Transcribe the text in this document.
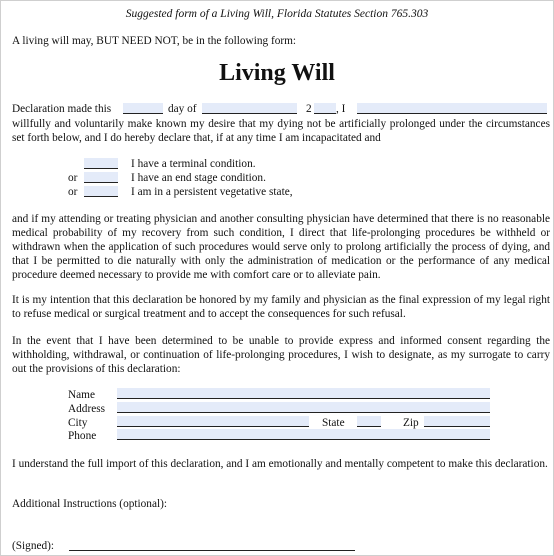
Suggested form of a Living Will, Florida Statutes Section 765.303
A living will may, BUT NEED NOT, be in the following form:
Living Will
Declaration made this	day of	2 , I
willfully and voluntarily make known my desire that my dying not be artificially prolonged under the circumstances set forth below, and I do hereby declare that, if at any time I am incapacitated and
I have a terminal condition.
or	I have an end stage condition.
or	I am in a persistent vegetative state,
and if my attending or treating physician and another consulting physician have determined that there is no reasonable medical probability of my recovery from such condition, I direct that life-prolonging procedures be withheld or withdrawn when the application of such procedures would serve only to prolong artificially the process of dying, and that I be permitted to die naturally with only the administration of medication or the performance of any medical procedure deemed necessary to provide me with comfort care or to alleviate pain.
It is my intention that this declaration be honored by my family and physician as the final expression of my legal right to refuse medical or surgical treatment and to accept the consequences for such refusal.
In the event that I have been determined to be unable to provide express and informed consent regarding the withholding, withdrawal, or continuation of life-prolonging procedures, I wish to designate, as my surrogate to carry out the provisions of this declaration:
Name
Address
City	State	Zip
Phone
I understand the full import of this declaration, and I am emotionally and mentally competent to make this declaration.
Additional Instructions (optional):
(Signed):
